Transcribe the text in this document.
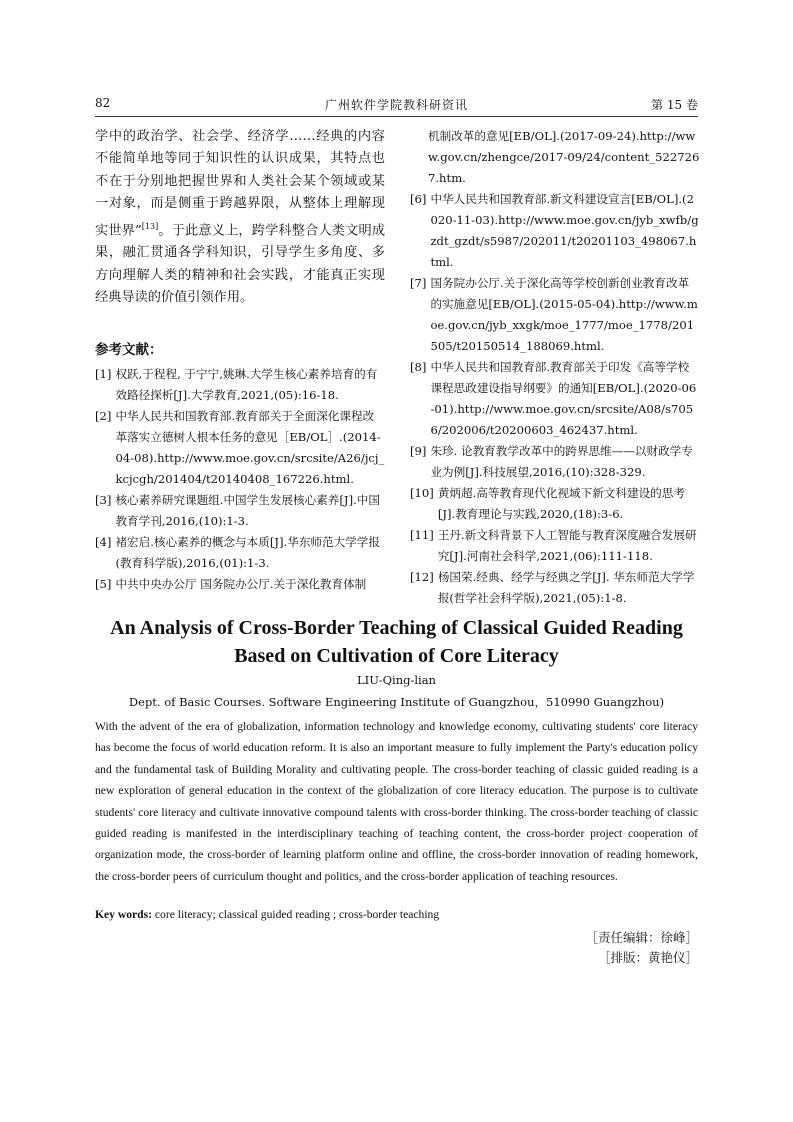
82	广州软件学院教科研资讯	第 15 卷

学中的政治学、社会学、经济学……经典的内容不能简单地等同于知识性的认识成果，其特点也不在于分别地把握世界和人类社会某个领域或某一对象，而是侧重于跨越界限，从整体上理解现实世界”[13]。于此意义上，跨学科整合人类文明成果，融汇贯通各学科知识，引导学生多角度、多方向理解人类的精神和社会实践，才能真正实现经典导读的价值引领作用。

参考文献：
[1] 权跃,于程程, 于宁宁,姚琳.大学生核心素养培育的有效路径探析[J].大学教育,2021,(05):16-18.
[2] 中华人民共和国教育部.教育部关于全面深化课程改革落实立德树人根本任务的意见［EB/OL］.(2014-04-08).http://www.moe.gov.cn/srcsite/A26/jcj_kcjcgh/201404/t20140408_167226.html.
[3] 核心素养研究课题组.中国学生发展核心素养[J].中国教育学刊,2016,(10):1-3.
[4] 褚宏启.核心素养的概念与本质[J].华东师范大学学报(教育科学版),2016,(01):1-3.
[5] 中共中央办公厅 国务院办公厅.关于深化教育体制
机制改革的意见[EB/OL].(2017-09-24).http://www.gov.cn/zhengce/2017-09/24/content_5227267.htm.
[6] 中华人民共和国教育部.新文科建设宣言[EB/OL].(2020-11-03).http://www.moe.gov.cn/jyb_xwfb/gzdt_gzdt/s5987/202011/t20201103_498067.html.
[7] 国务院办公厅.关于深化高等学校创新创业教育改革的实施意见[EB/OL].(2015-05-04).http://www.moe.gov.cn/jyb_xxgk/moe_1777/moe_1778/201505/t20150514_188069.html.
[8] 中华人民共和国教育部.教育部关于印发《高等学校课程思政建设指导纲要》的通知[EB/OL].(2020-06-01).http://www.moe.gov.cn/srcsite/A08/s7056/202006/t20200603_462437.html.
[9] 朱珍. 论教育教学改革中的跨界思维——以财政学专业为例[J].科技展望,2016,(10):328-329.
[10] 黄炳超.高等教育现代化视域下新文科建设的思考[J].教育理论与实践,2020,(18):3-6.
[11] 王丹.新文科背景下人工智能与教育深度融合发展研究[J].河南社会科学,2021,(06):111-118.
[12] 杨国荣.经典、经学与经典之学[J]. 华东师范大学学报(哲学社会科学版),2021,(05):1-8.
An Analysis of Cross-Border Teaching of Classical Guided Reading
Based on Cultivation of Core Literacy
LIU-Qing-lian
Dept. of Basic Courses. Software Engineering Institute of Guangzhou，510990 Guangzhou)

With the advent of the era of globalization, information technology and knowledge economy, cultivating students' core literacy has become the focus of world education reform. It is also an important measure to fully implement the Party's education policy and the fundamental task of Building Morality and cultivating people. The cross-border teaching of classic guided reading is a new exploration of general education in the context of the globalization of core literacy education. The purpose is to cultivate students' core literacy and cultivate innovative compound talents with cross-border thinking. The cross-border teaching of classic guided reading is manifested in the interdisciplinary teaching of teaching content, the cross-border project cooperation of organization mode, the cross-border of learning platform online and offline, the cross-border innovation of reading homework, the cross-border peers of curriculum thought and politics, and the cross-border application of teaching resources.

Key words: core literacy; classical guided reading ; cross-border teaching
［责任编辑：徐峰］
［排版：黄艳仪］
